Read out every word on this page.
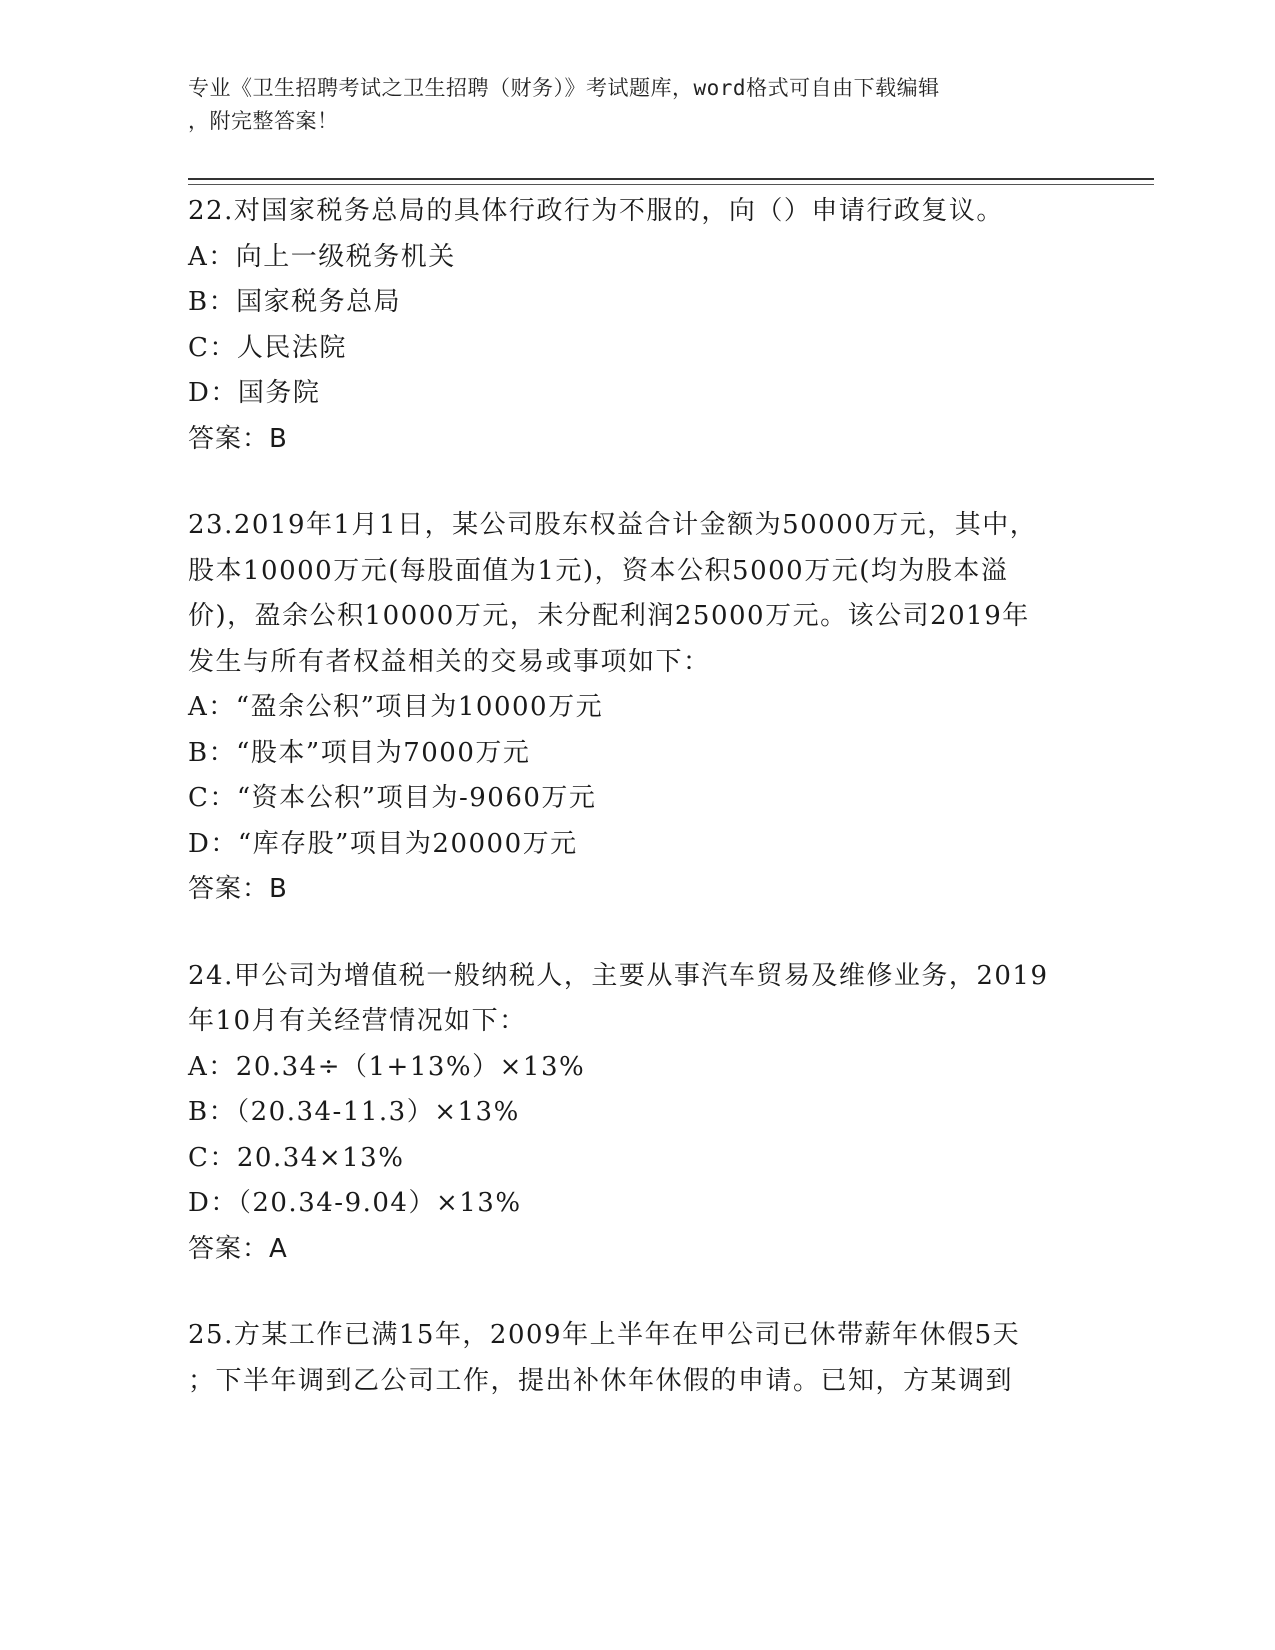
专业《卫生招聘考试之卫生招聘（财务）》考试题库，word格式可自由下载编辑
，附完整答案！
22.对国家税务总局的具体行政行为不服的，向（）申请行政复议。
A：向上一级税务机关
B：国家税务总局
C：人民法院
D：国务院
答案：B
23.2019年1月1日，某公司股东权益合计金额为50000万元，其中，
股本10000万元(每股面值为1元)，资本公积5000万元(均为股本溢
价)，盈余公积10000万元，未分配利润25000万元。该公司2019年
发生与所有者权益相关的交易或事项如下：
A：“盈余公积”项目为10000万元
B：“股本”项目为7000万元
C：“资本公积”项目为-9060万元
D：“库存股”项目为20000万元
答案：B
24.甲公司为增值税一般纳税人，主要从事汽车贸易及维修业务，2019
年10月有关经营情况如下：
A：20.34÷（1+13%）×13%
B：（20.34-11.3）×13%
C：20.34×13%
D：（20.34-9.04）×13%
答案：A
25.方某工作已满15年，2009年上半年在甲公司已休带薪年休假5天
；下半年调到乙公司工作，提出补休年休假的申请。已知，方某调到
